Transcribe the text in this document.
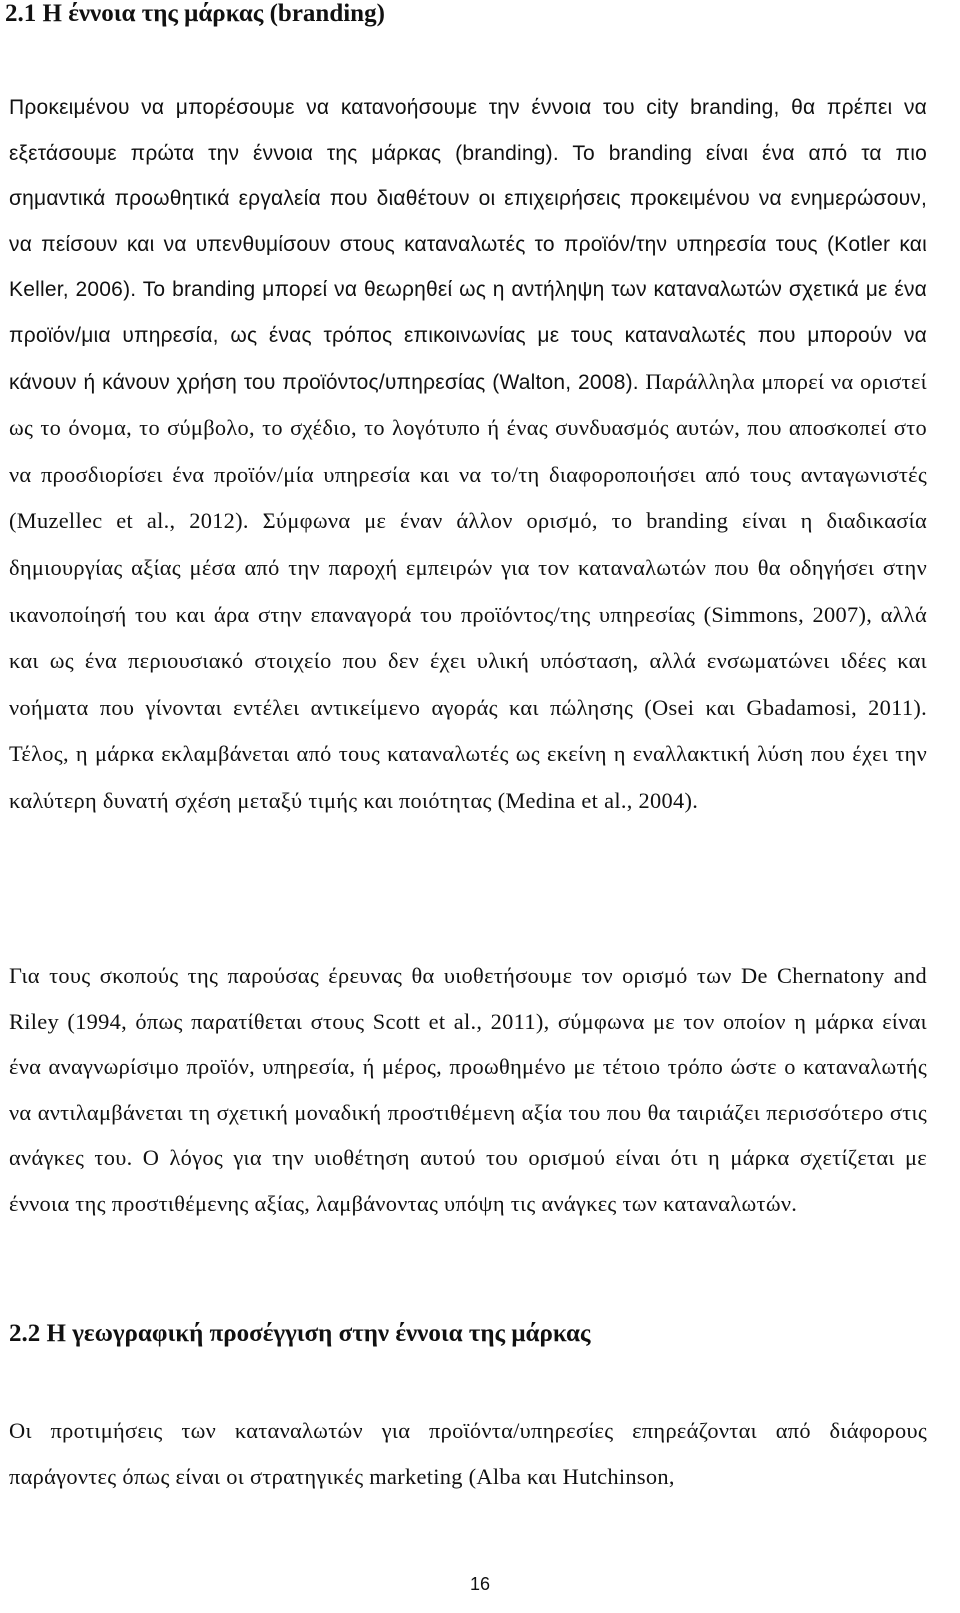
2.1 Η έννοια της μάρκας (branding)

Προκειμένου να μπορέσουμε να κατανοήσουμε την έννοια του city branding, θα πρέπει να εξετάσουμε πρώτα την έννοια της μάρκας (branding). Το branding είναι ένα από τα πιο σημαντικά προωθητικά εργαλεία που διαθέτουν οι επιχειρήσεις προκειμένου να ενημερώσουν, να πείσουν και να υπενθυμίσουν στους καταναλωτές το προϊόν/την υπηρεσία τους (Kotler και Keller, 2006). Το branding μπορεί να θεωρηθεί ως η αντήληψη των καταναλωτών σχετικά με ένα προϊόν/μια υπηρεσία, ως ένας τρόπος επικοινωνίας με τους καταναλωτές που μπορούν να κάνουν ή κάνουν χρήση του προϊόντος/υπηρεσίας (Walton, 2008). Παράλληλα μπορεί να οριστεί ως το όνομα, το σύμβολο, το σχέδιο, το λογότυπο ή ένας συνδυασμός αυτών, που αποσκοπεί στο να προσδιορίσει ένα προϊόν/μία υπηρεσία και να το/τη διαφοροποιήσει από τους ανταγωνιστές (Muzellec et al., 2012). Σύμφωνα με έναν άλλον ορισμό, το branding είναι η διαδικασία δημιουργίας αξίας μέσα από την παροχή εμπειρών για τον καταναλωτών που θα οδηγήσει στην ικανοποίησή του και άρα στην επαναγορά του προϊόντος/της υπηρεσίας (Simmons, 2007), αλλά και ως ένα περιουσιακό στοιχείο που δεν έχει υλική υπόσταση, αλλά ενσωματώνει ιδέες και νοήματα που γίνονται εντέλει αντικείμενο αγοράς και πώλησης (Osei και Gbadamosi, 2011). Τέλος, η μάρκα εκλαμβάνεται από τους καταναλωτές ως εκείνη η εναλλακτική λύση που έχει την καλύτερη δυνατή σχέση μεταξύ τιμής και ποιότητας (Medina et al., 2004).

Για τους σκοπούς της παρούσας έρευνας θα υιοθετήσουμε τον ορισμό των De Chernatony and Riley (1994, όπως παρατίθεται στους Scott et al., 2011), σύμφωνα με τον οποίον η μάρκα είναι ένα αναγνωρίσιμο προϊόν, υπηρεσία, ή μέρος, προωθημένο με τέτοιο τρόπο ώστε ο καταναλωτής να αντιλαμβάνεται τη σχετική μοναδική προστιθέμενη αξία του που θα ταιριάζει περισσότερο στις ανάγκες του. Ο λόγος για την υιοθέτηση αυτού του ορισμού είναι ότι η μάρκα σχετίζεται με έννοια της προστιθέμενης αξίας, λαμβάνοντας υπόψη τις ανάγκες των καταναλωτών.

2.2 Η γεωγραφική προσέγγιση στην έννοια της μάρκας

Οι προτιμήσεις των καταναλωτών για προϊόντα/υπηρεσίες επηρεάζονται από διάφορους παράγοντες όπως είναι οι στρατηγικές marketing (Alba και Hutchinson,

16
